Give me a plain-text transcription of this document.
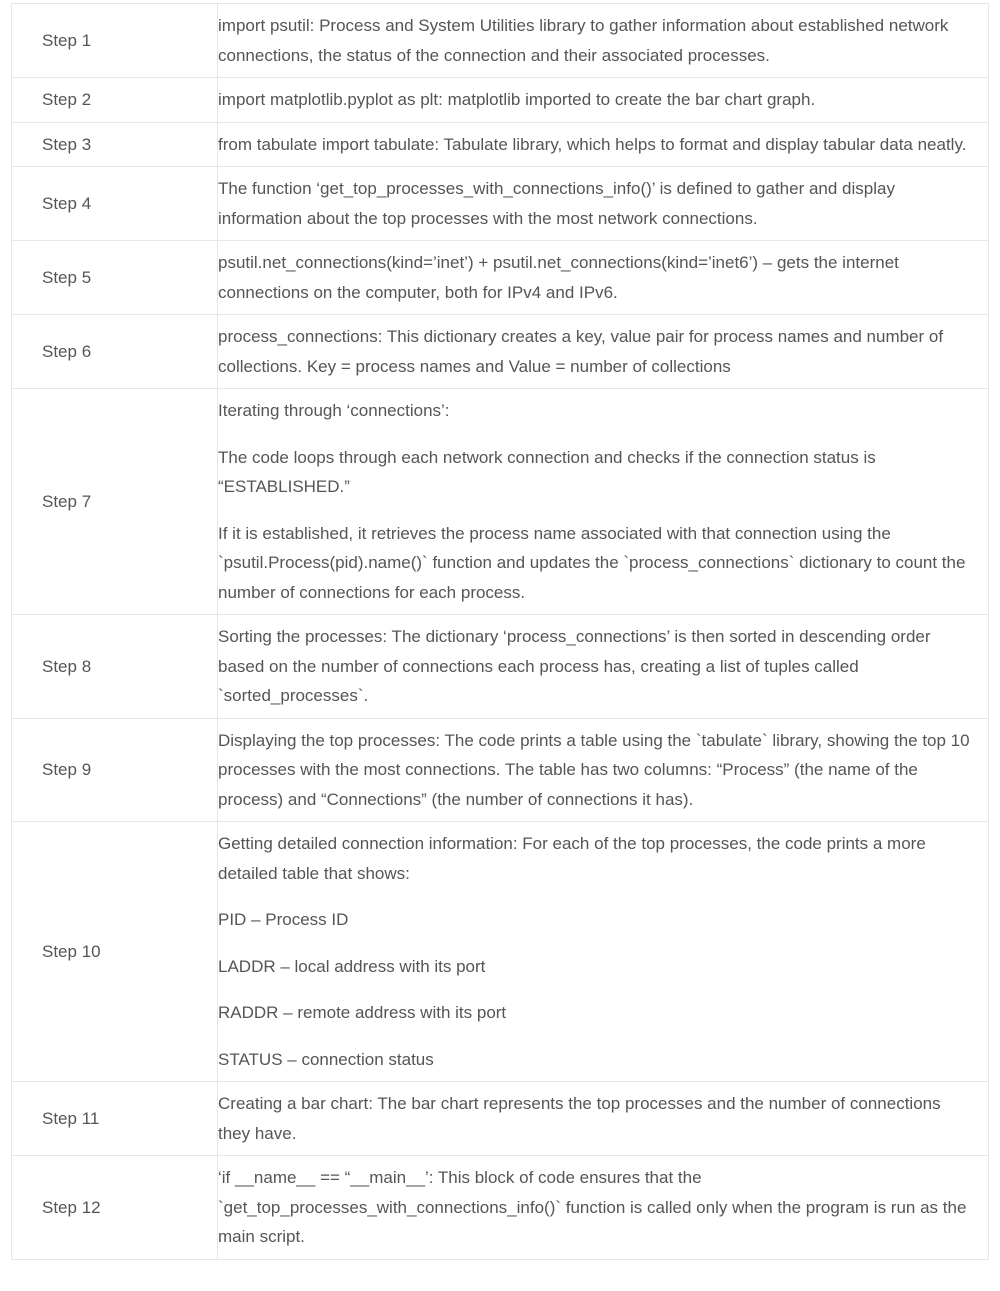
Step 1	import psutil: Process and System Utilities library to gather information about established network connections, the status of the connection and their associated processes.

Step 2	import matplotlib.pyplot as plt: matplotlib imported to create the bar chart graph.

Step 3	from tabulate import tabulate: Tabulate library, which helps to format and display tabular data neatly.

Step 4	The function ‘get_top_processes_with_connections_info()’ is defined to gather and display information about the top processes with the most network connections.

Step 5	psutil.net_connections(kind=’inet’) + psutil.net_connections(kind=’inet6’) – gets the internet connections on the computer, both for IPv4 and IPv6.

Step 6	process_connections: This dictionary creates a key, value pair for process names and number of collections. Key = process names and Value = number of collections

Step 7	Iterating through ‘connections’:

The code loops through each network connection and checks if the connection status is “ESTABLISHED.”

If it is established, it retrieves the process name associated with that connection using the `psutil.Process(pid).name()` function and updates the `process_connections` dictionary to count the number of connections for each process.

Step 8	Sorting the processes: The dictionary ‘process_connections’ is then sorted in descending order based on the number of connections each process has, creating a list of tuples called `sorted_processes`.

Step 9	Displaying the top processes: The code prints a table using the `tabulate` library, showing the top 10 processes with the most connections. The table has two columns: “Process” (the name of the process) and “Connections” (the number of connections it has).

Step 10	Getting detailed connection information: For each of the top processes, the code prints a more detailed table that shows:

PID – Process ID

LADDR – local address with its port

RADDR – remote address with its port

STATUS – connection status

Step 11	Creating a bar chart: The bar chart represents the top processes and the number of connections they have.

Step 12	‘if __name__ == “__main__’: This block of code ensures that the `get_top_processes_with_connections_info()` function is called only when the program is run as the main script.
